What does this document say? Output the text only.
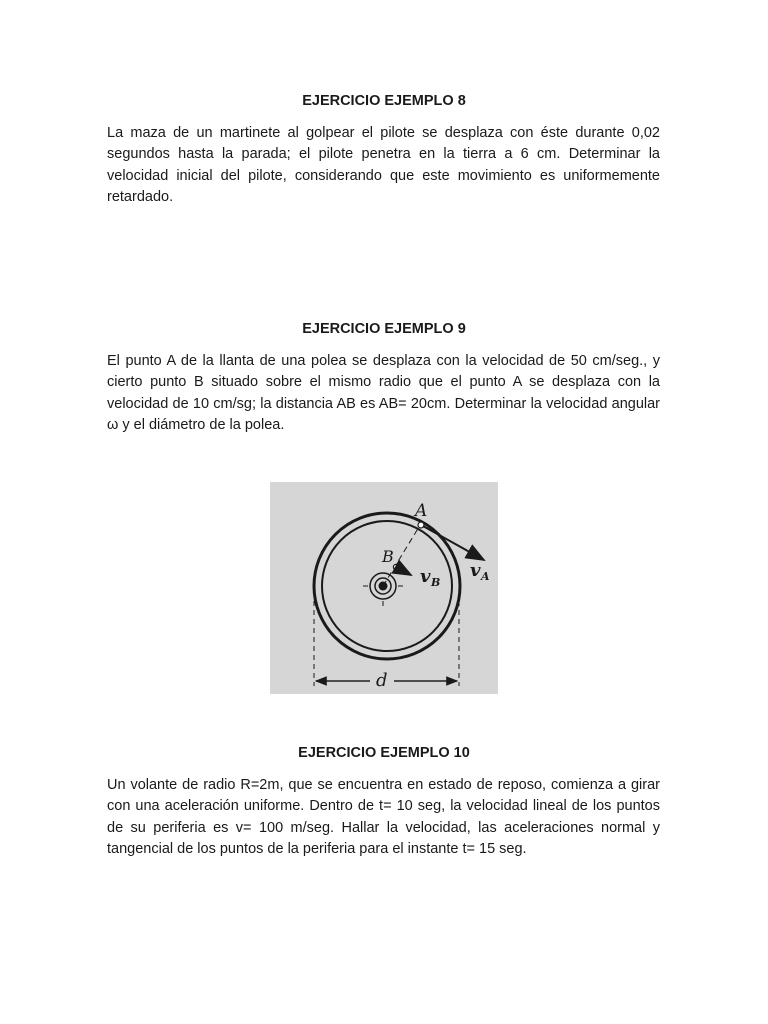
EJERCICIO EJEMPLO 8

La maza de un martinete al golpear el pilote se desplaza con éste durante 0,02 segundos hasta la parada; el pilote penetra en la tierra a 6 cm. Determinar la velocidad inicial del pilote, considerando que este movimiento es uniformemente retardado.

EJERCICIO EJEMPLO 9

El punto A de la llanta de una polea se desplaza con la velocidad de 50 cm/seg., y cierto punto B situado sobre el mismo radio que el punto A se desplaza con la velocidad de 10 cm/sg; la distancia AB es AB= 20cm. Determinar la velocidad angular ω y el diámetro de la polea.

A
B
v B
v A
d
EJERCICIO EJEMPLO 10

Un volante de radio R=2m, que se encuentra en estado de reposo, comienza a girar con una aceleración uniforme. Dentro de t= 10 seg, la velocidad lineal de los puntos de su periferia es v= 100 m/seg. Hallar la velocidad, las aceleraciones normal y tangencial de los puntos de la periferia para el instante t= 15 seg.
